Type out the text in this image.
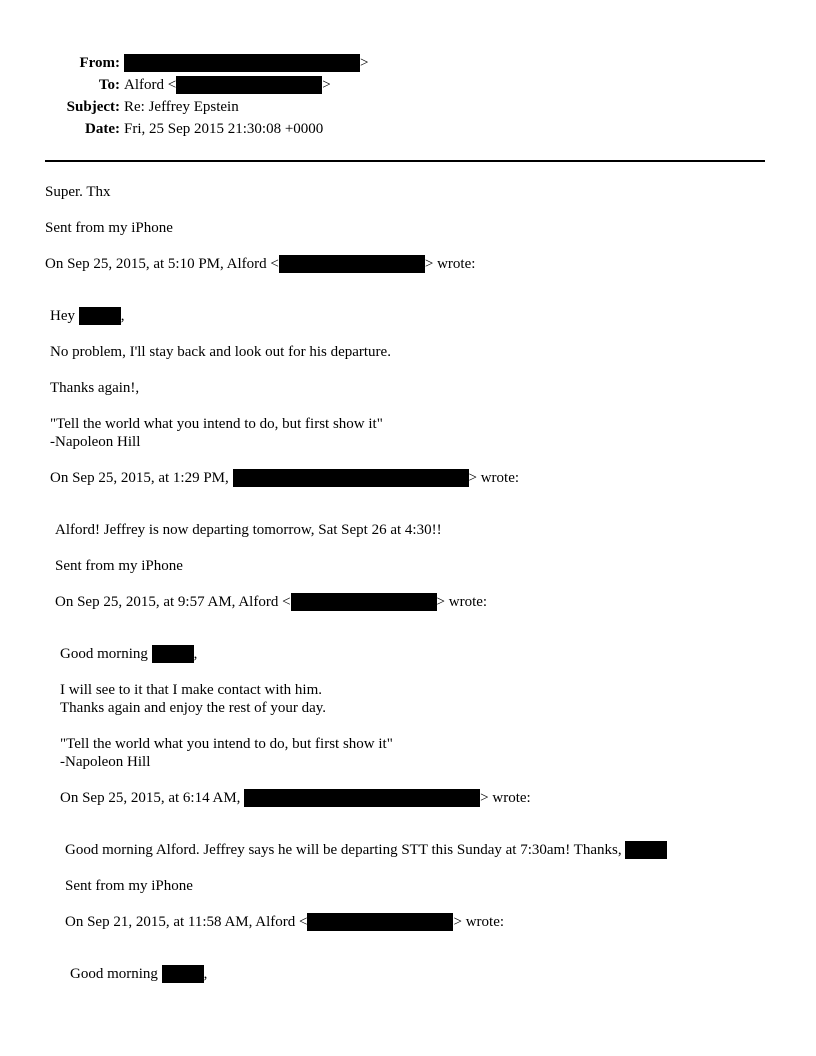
From:	>
To: Alford <	>
Subject: Re: Jeffrey Epstein
Date: Fri, 25 Sep 2015 21:30:08 +0000
Super. Thx
Sent from my iPhone
On Sep 25, 2015, at 5:10 PM, Alford <	> wrote:
Hey	,
No problem, I'll stay back and look out for his departure.
Thanks again!,
"Tell the world what you intend to do, but first show it"
-Napoleon Hill
On Sep 25, 2015, at 1:29 PM,	> wrote:
Alford! Jeffrey is now departing tomorrow, Sat Sept 26 at 4:30!!
Sent from my iPhone
On Sep 25, 2015, at 9:57 AM, Alford <	> wrote:
Good morning	,
I will see to it that I make contact with him.
Thanks again and enjoy the rest of your day.
"Tell the world what you intend to do, but first show it"
-Napoleon Hill
On Sep 25, 2015, at 6:14 AM,	> wrote:
Good morning Alford. Jeffrey says he will be departing STT this Sunday at 7:30am! Thanks,
Sent from my iPhone
On Sep 21, 2015, at 11:58 AM, Alford <	> wrote:
Good morning	,
